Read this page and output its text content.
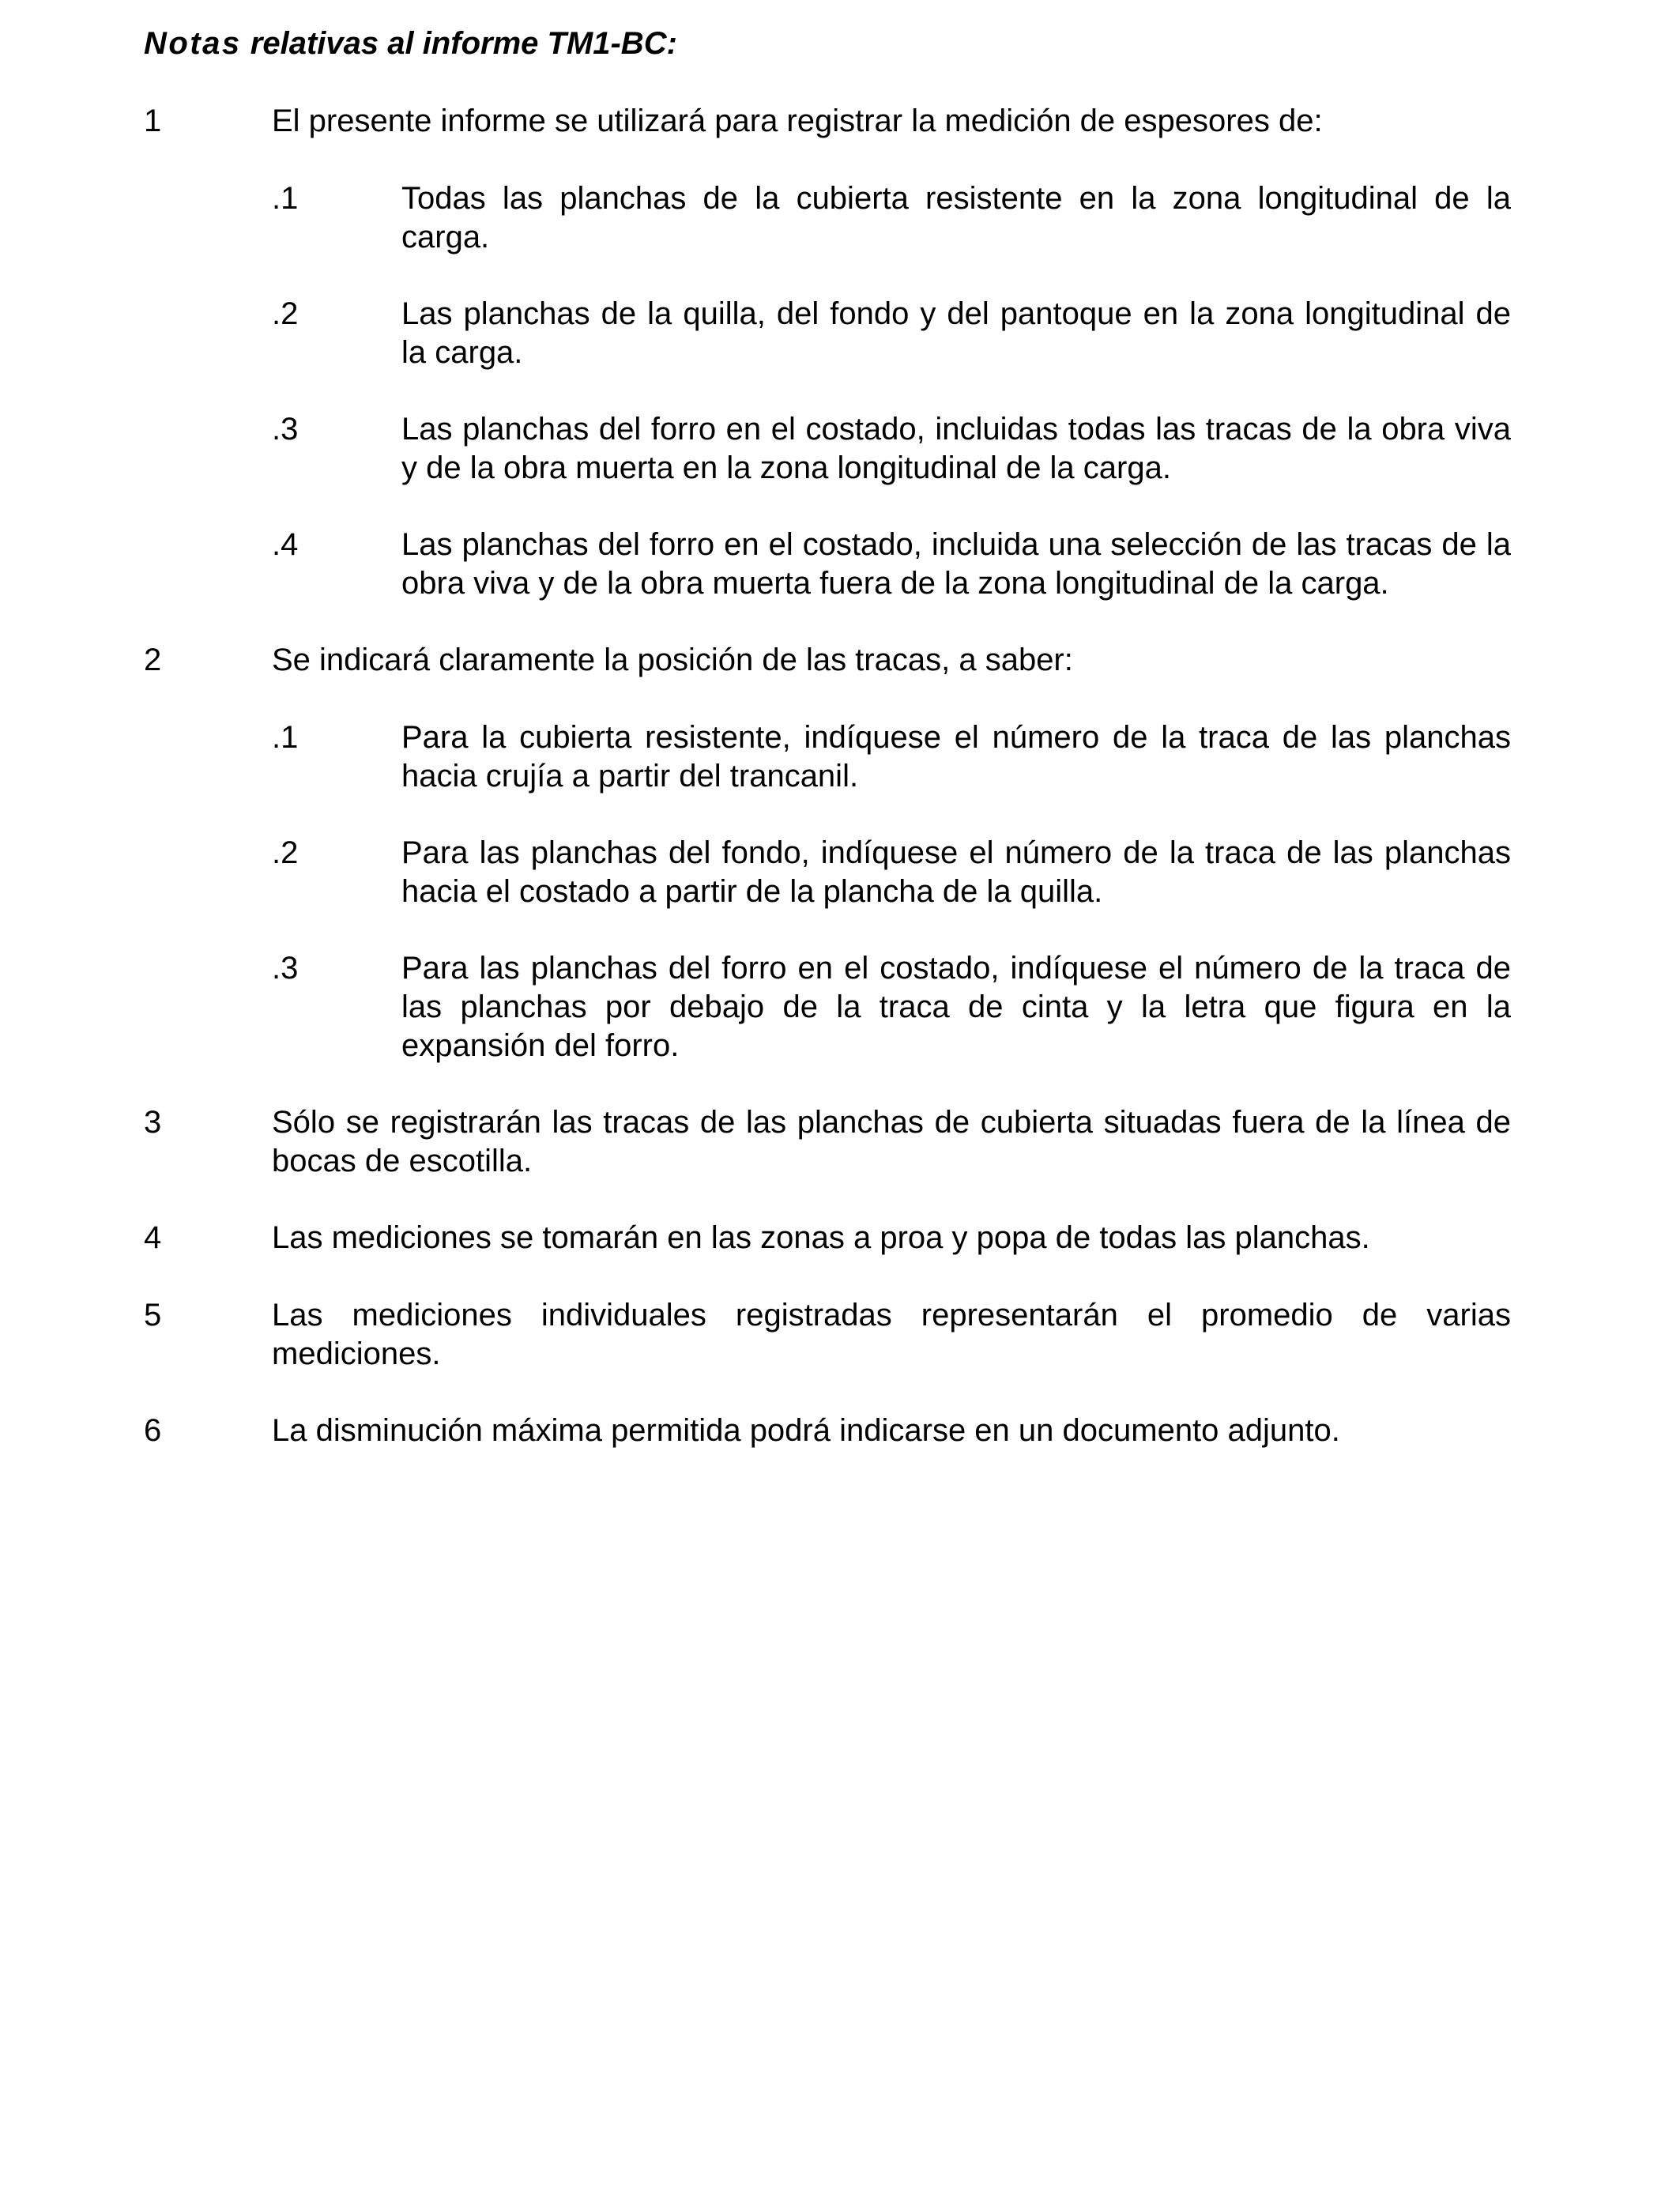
Notas relativas al informe TM1-BC:
1	El presente informe se utilizará para registrar la medición de espesores de:
.1	Todas las planchas de la cubierta resistente en la zona longitudinal de la carga.
.2	Las planchas de la quilla, del fondo y del pantoque en la zona longitudinal de la carga.
.3	Las planchas del forro en el costado, incluidas todas las tracas de la obra viva y de la obra muerta en la zona longitudinal de la carga.
.4	Las planchas del forro en el costado, incluida una selección de las tracas de la obra viva y de la obra muerta fuera de la zona longitudinal de la carga.
2	Se indicará claramente la posición de las tracas, a saber:
.1	Para la cubierta resistente, indíquese el número de la traca de las planchas hacia crujía a partir del trancanil.
.2	Para las planchas del fondo, indíquese el número de la traca de las planchas hacia el costado a partir de la plancha de la quilla.
.3	Para las planchas del forro en el costado, indíquese el número de la traca de las planchas por debajo de la traca de cinta y la letra que figura en la expansión del forro.
3	Sólo se registrarán las tracas de las planchas de cubierta situadas fuera de la línea de bocas de escotilla.
4	Las mediciones se tomarán en las zonas a proa y popa de todas las planchas.
5	Las mediciones individuales registradas representarán el promedio de varias mediciones.
6	La disminución máxima permitida podrá indicarse en un documento adjunto.
